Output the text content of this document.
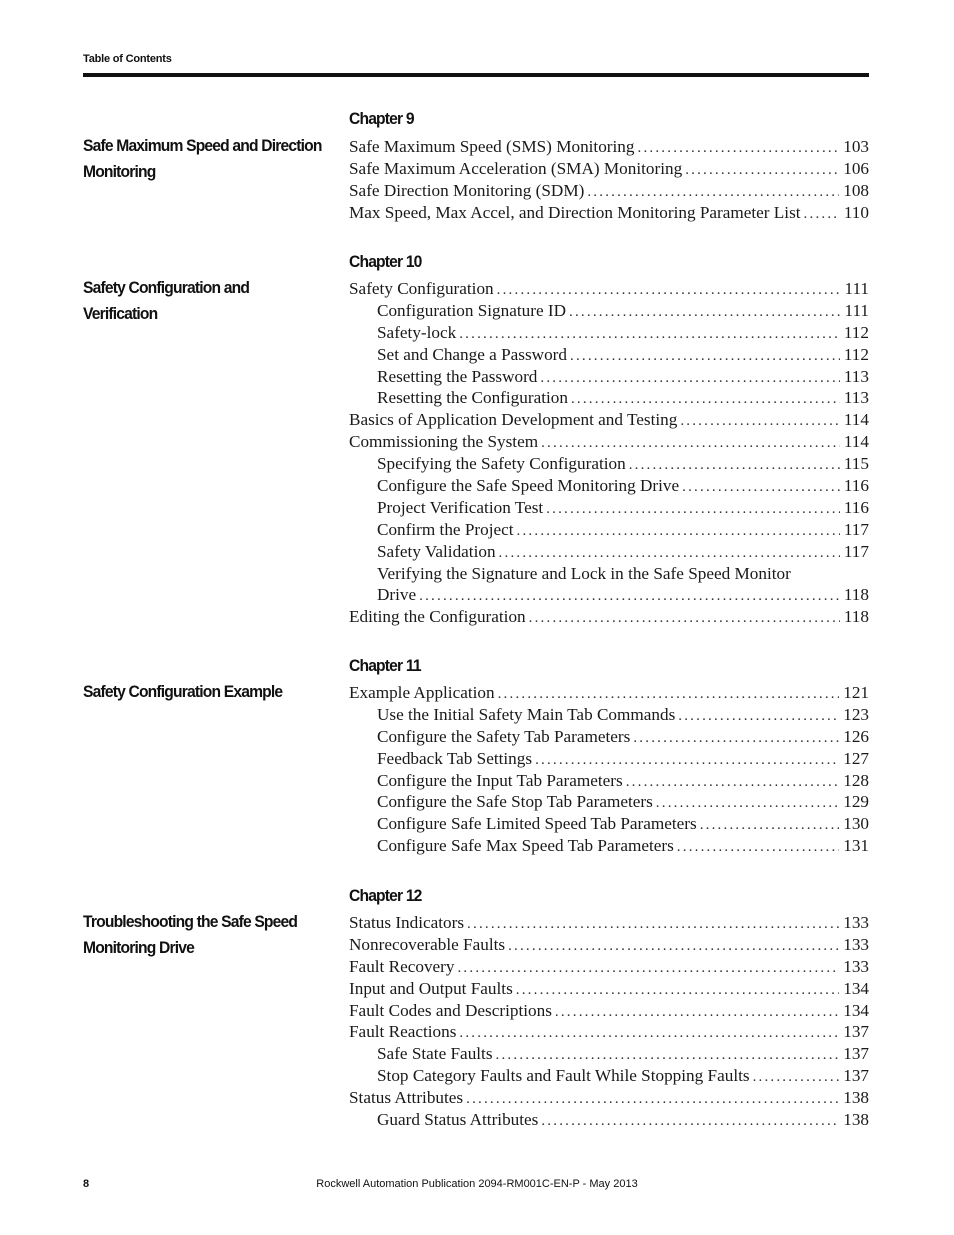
Table of Contents
Chapter 9
Safe Maximum Speed and Direction Monitoring
Safe Maximum Speed (SMS) Monitoring .....	103
Safe Maximum Acceleration (SMA) Monitoring .....	106
Safe Direction Monitoring (SDM) .....	108
Max Speed, Max Accel, and Direction Monitoring Parameter List .....	110
Chapter 10
Safety Configuration and Verification
Safety Configuration .....	111
Configuration Signature ID .....	111
Safety-lock .....	112
Set and Change a Password .....	112
Resetting the Password .....	113
Resetting the Configuration .....	113
Basics of Application Development and Testing .....	114
Commissioning the System .....	114
Specifying the Safety Configuration .....	115
Configure the Safe Speed Monitoring Drive .....	116
Project Verification Test .....	116
Confirm the Project .....	117
Safety Validation .....	117
Verifying the Signature and Lock in the Safe Speed Monitor
Drive .....	118
Editing the Configuration .....	118
Chapter 11
Safety Configuration Example	Example Application .....	121
Use the Initial Safety Main Tab Commands .....	123
Configure the Safety Tab Parameters .....	126
Feedback Tab Settings .....	127
Configure the Input Tab Parameters .....	128
Configure the Safe Stop Tab Parameters .....	129
Configure Safe Limited Speed Tab Parameters .....	130
Configure Safe Max Speed Tab Parameters .....	131
Chapter 12
Troubleshooting the Safe Speed Monitoring Drive
Status Indicators .....	133
Nonrecoverable Faults .....	133
Fault Recovery .....	133
Input and Output Faults .....	134
Fault Codes and Descriptions .....	134
Fault Reactions .....	137
Safe State Faults .....	137
Stop Category Faults and Fault While Stopping Faults .....	137
Status Attributes .....	138
Guard Status Attributes .....	138
8	Rockwell Automation Publication 2094-RM001C-EN-P - May 2013
